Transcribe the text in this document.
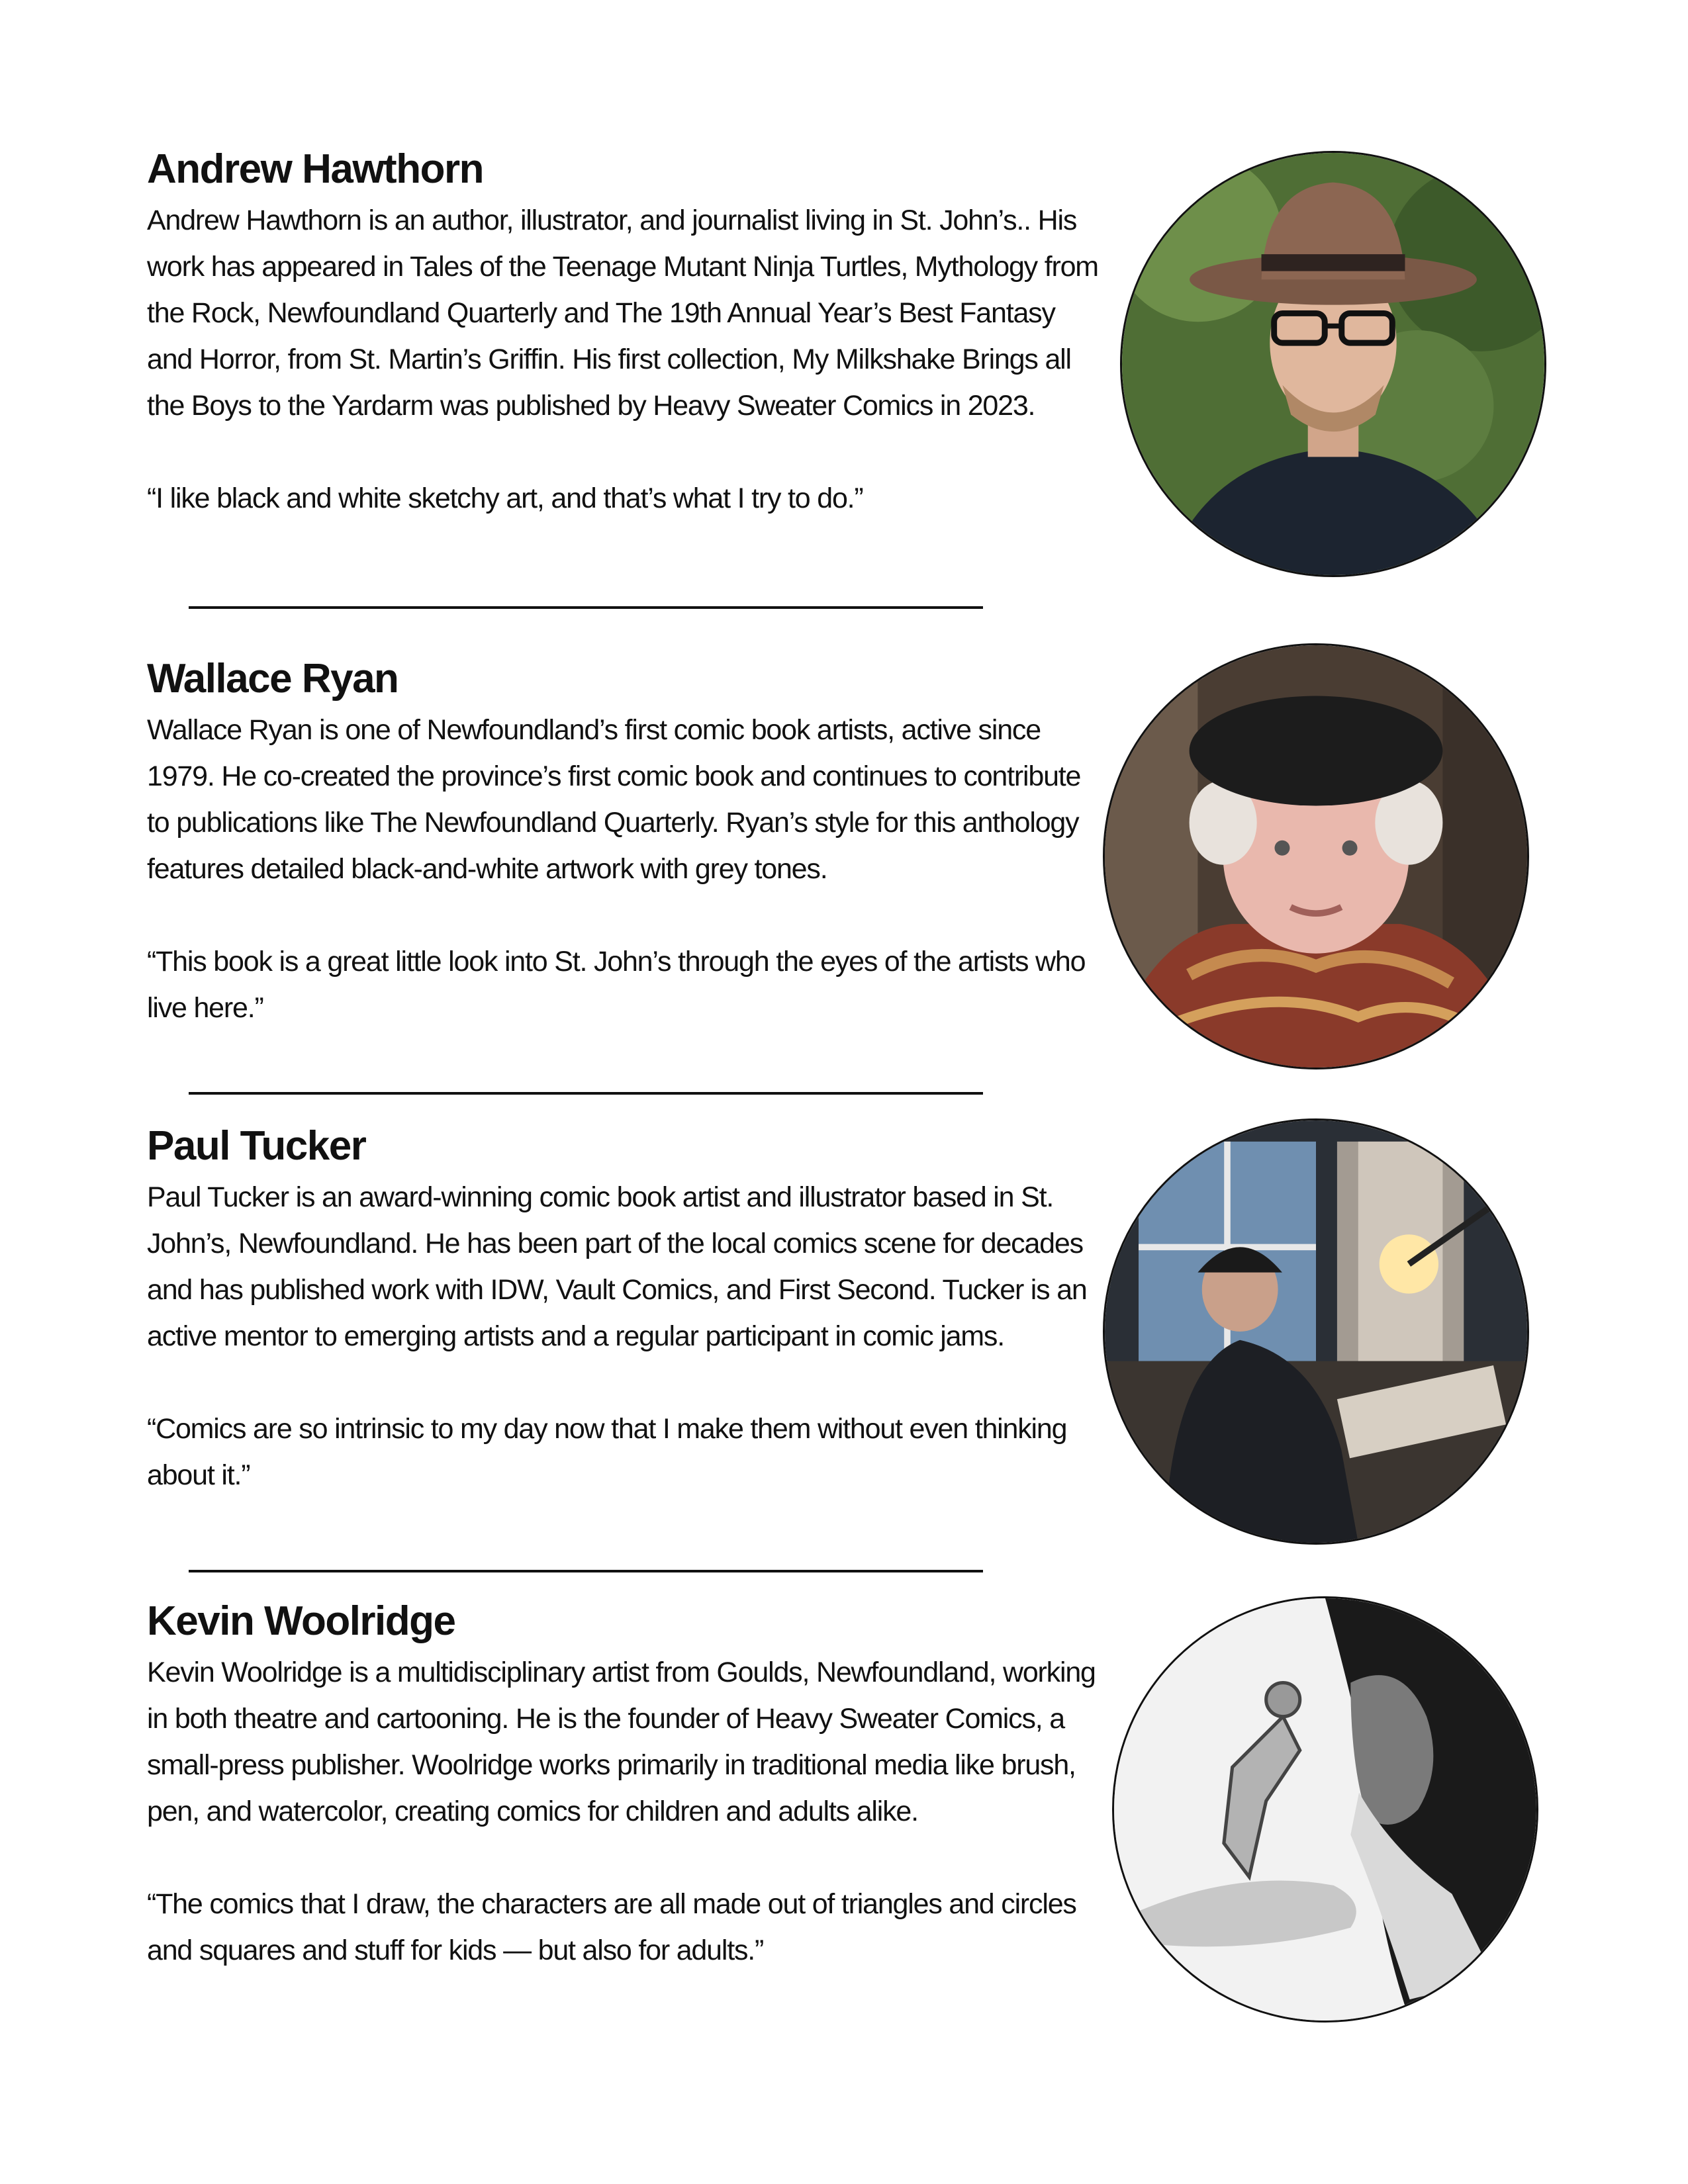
Andrew Hawthorn

Andrew Hawthorn is an author, illustrator, and journalist living in St. John’s.. His work has appeared in Tales of the Teenage Mutant Ninja Turtles, Mythology from the Rock, Newfoundland Quarterly and The 19th Annual Year’s Best Fantasy and Horror, from St. Martin’s Griffin. His first collection, My Milkshake Brings all the Boys to the Yardarm was published by Heavy Sweater Comics in 2023.

“I like black and white sketchy art, and that’s what I try to do.”

Wallace Ryan

Wallace Ryan is one of Newfoundland’s first comic book artists, active since 1979. He co-created the province’s first comic book and continues to contribute to publications like The Newfoundland Quarterly. Ryan’s style for this anthology features detailed black-and-white artwork with grey tones.

“This book is a great little look into St. John’s through the eyes of the artists who live here.”

Paul Tucker

Paul Tucker is an award-winning comic book artist and illustrator based in St. John’s, Newfoundland. He has been part of the local comics scene for decades and has published work with IDW, Vault Comics, and First Second. Tucker is an active mentor to emerging artists and a regular participant in comic jams.

“Comics are so intrinsic to my day now that I make them without even thinking about it.”

Kevin Woolridge

Kevin Woolridge is a multidisciplinary artist from Goulds, Newfoundland, working in both theatre and cartooning. He is the founder of Heavy Sweater Comics, a small-press publisher. Woolridge works primarily in traditional media like brush, pen, and watercolor, creating comics for children and adults alike.

“The comics that I draw, the characters are all made out of triangles and circles and squares and stuff for kids — but also for adults.”
